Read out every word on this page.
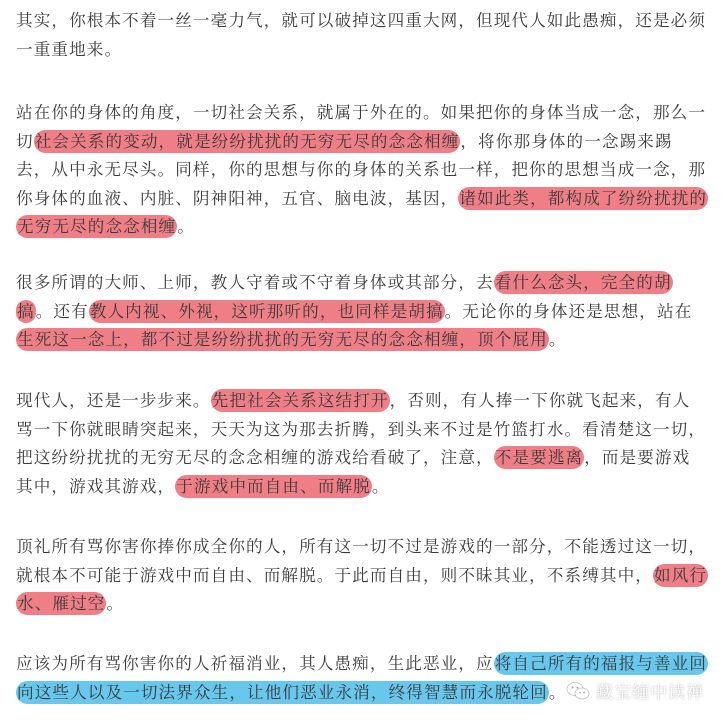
其实，你根本不着一丝一毫力气，就可以破掉这四重大网，但现代人如此愚痴，还是必须一重重地来。

站在你的身体的角度，一切社会关系，就属于外在的。如果把你的身体当成一念，那么一切社会关系的变动，就是纷纷扰扰的无穷无尽的念念相缠，将你那身体的一念踢来踢去，从中永无尽头。同样，你的思想与你的身体的关系也一样，把你的思想当成一念，那你身体的血液、内脏、阴神阳神，五官、脑电波，基因，诸如此类，都构成了纷纷扰扰的无穷无尽的念念相缠。

很多所谓的大师、上师，教人守着或不守着身体或其部分，去看什么念头，完全的胡搞。还有教人内视、外视，这听那听的，也同样是胡搞。无论你的身体还是思想，站在生死这一念上，都不过是纷纷扰扰的无穷无尽的念念相缠，顶个屁用。

现代人，还是一步步来。先把社会关系这结打开，否则，有人捧一下你就飞起来，有人骂一下你就眼睛突起来，天天为这为那去折腾，到头来不过是竹篮打水。看清楚这一切，把这纷纷扰扰的无穷无尽的念念相缠的游戏给看破了，注意，不是要逃离，而是要游戏其中，游戏其游戏，于游戏中而自由、而解脱。

顶礼所有骂你害你捧你成全你的人，所有这一切不过是游戏的一部分，不能透过这一切，就根本不可能于游戏中而自由、而解脱。于此而自由，则不昧其业，不系缚其中，如风行水、雁过空。

应该为所有骂你害你的人祈福消业，其人愚痴，生此恶业，应将自己所有的福报与善业回向这些人以及一切法界众生，让他们恶业永消，终得智慧而永脱轮回。	藏宝缠中读禅
